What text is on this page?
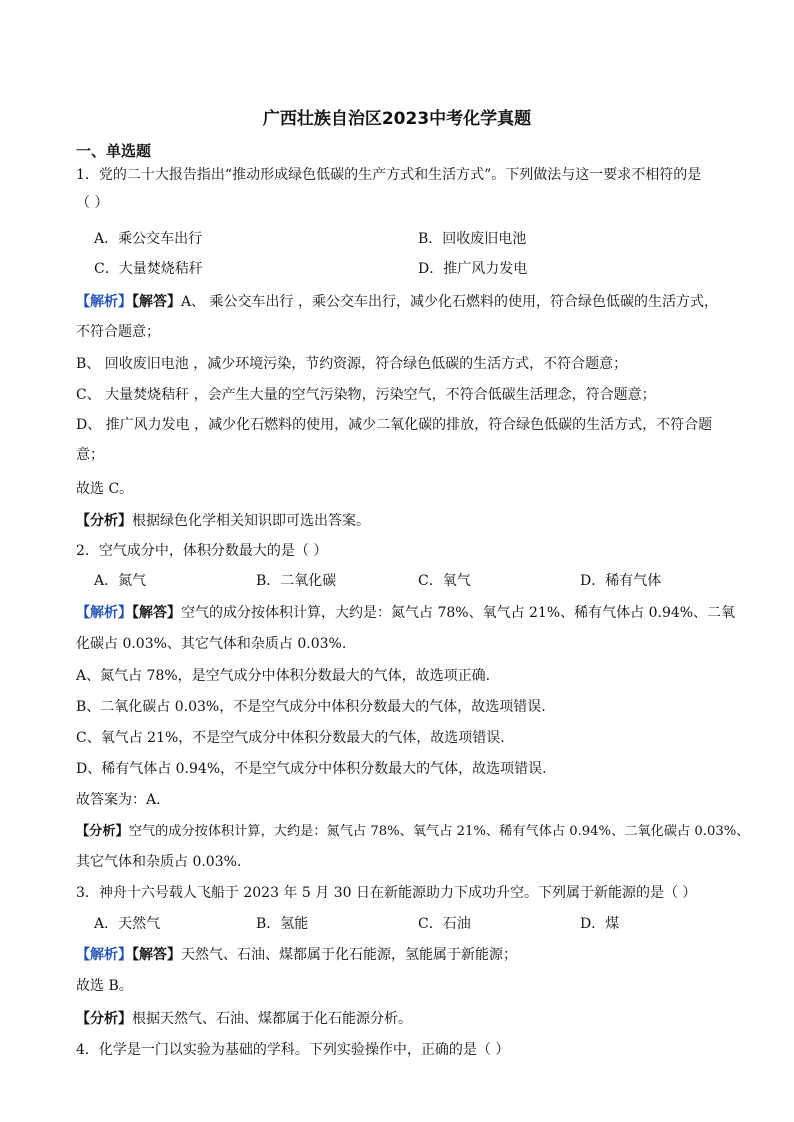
广西壮族自治区2023中考化学真题
一、单选题
1．党的二十大报告指出“推动形成绿色低碳的生产方式和生活方式”。下列做法与这一要求不相符的是
（ ）
A．乘公交车出行	B．回收废旧电池
C．大量焚烧秸秆	D．推广风力发电
【解析】【解答】A、 乘公交车出行 ，乘公交车出行，减少化石燃料的使用，符合绿色低碳的生活方式，
不符合题意；
B、 回收废旧电池 ，减少环境污染，节约资源，符合绿色低碳的生活方式，不符合题意；
C、 大量焚烧秸秆 ，会产生大量的空气污染物，污染空气，不符合低碳生活理念，符合题意；
D、 推广风力发电 ，减少化石燃料的使用，减少二氧化碳的排放，符合绿色低碳的生活方式，不符合题
意；
故选 C。
【分析】根据绿色化学相关知识即可选出答案。
2．空气成分中，体积分数最大的是（ ）
A．氮气	B．二氧化碳	C．氧气	D．稀有气体
【解析】【解答】空气的成分按体积计算，大约是：氮气占 78%、氧气占 21%、稀有气体占 0.94%、二氧
化碳占 0.03%、其它气体和杂质占 0.03%.
A、氮气占 78%，是空气成分中体积分数最大的气体，故选项正确.
B、二氧化碳占 0.03%，不是空气成分中体积分数最大的气体，故选项错误.
C、氧气占 21%，不是空气成分中体积分数最大的气体，故选项错误.
D、稀有气体占 0.94%，不是空气成分中体积分数最大的气体，故选项错误.
故答案为：A.
【分析】空气的成分按体积计算，大约是：氮气占 78%、氧气占 21%、稀有气体占 0.94%、二氧化碳占 0.03%、
其它气体和杂质占 0.03%.
3．神舟十六号载人飞船于 2023 年 5 月 30 日在新能源助力下成功升空。下列属于新能源的是（ ）
A．天然气	B．氢能	C．石油	D．煤
【解析】【解答】天然气、石油、煤都属于化石能源，氢能属于新能源；
故选 B。
【分析】根据天然气、石油、煤都属于化石能源分析。
4．化学是一门以实验为基础的学科。下列实验操作中，正确的是（ ）
